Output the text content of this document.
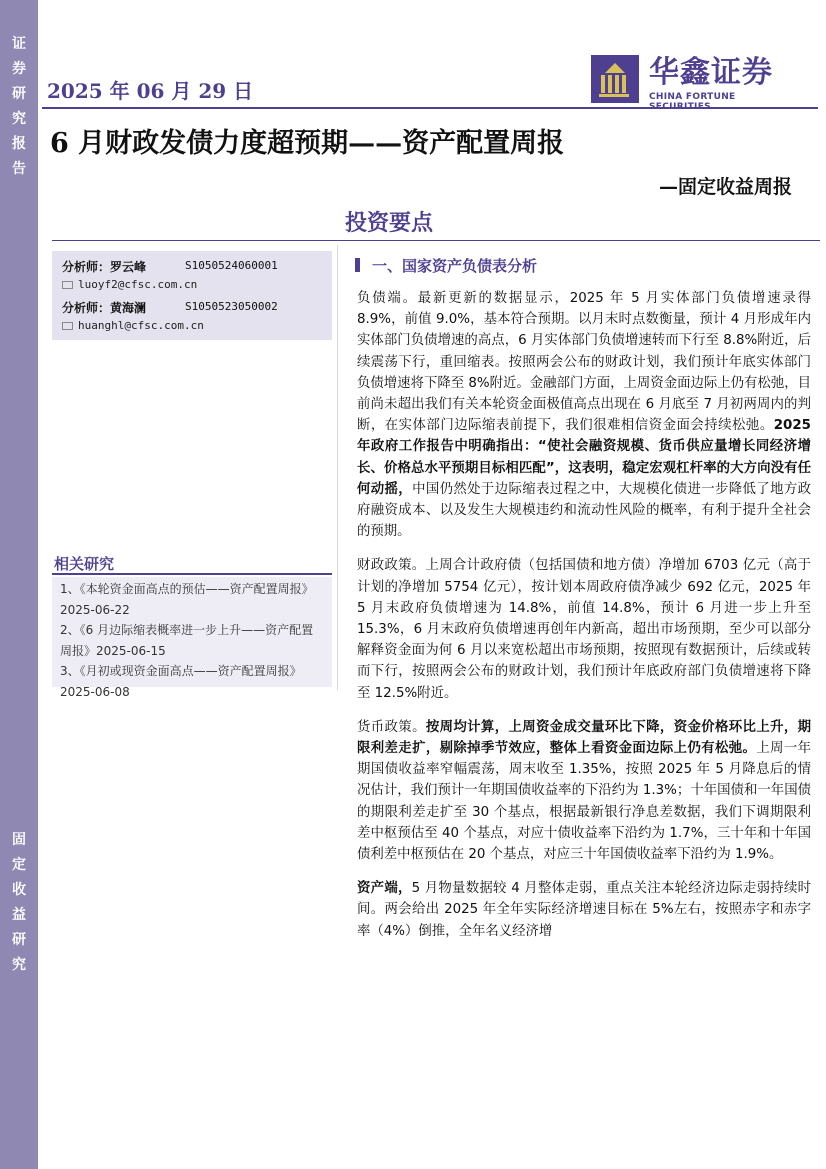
证
券
研
究
报
告
固
定
收
益
研
究
2025 年 06 月 29 日
华鑫证券
CHINA FORTUNE
6 月财政发债力度超预期——资产配置周报
—固定收益周报
投资要点
分析师：罗云峰	S1050524060001
luoyf2@cfsc.com.cn
分析师：黄海澜	S1050523050002
huanghl@cfsc.com.cn
相关研究
1、《本轮资金面高点的预估——资产配置周报》2025-06-22
2、《6 月边际缩表概率进一步上升——资产配置周报》2025-06-15
3、《月初或现资金面高点——资产配置周报》2025-06-08
一、国家资产负债表分析

负债端。最新更新的数据显示，2025 年 5 月实体部门负债增速录得 8.9%，前值 9.0%，基本符合预期。以月末时点数衡量，预计 4 月形成年内实体部门负债增速的高点，6 月实体部门负债增速转而下行至 8.8%附近，后续震荡下行，重回缩表。按照两会公布的财政计划，我们预计年底实体部门负债增速将下降至 8%附近。金融部门方面，上周资金面边际上仍有松弛，目前尚未超出我们有关本轮资金面极值高点出现在 6 月底至 7 月初两周内的判断，在实体部门边际缩表前提下，我们很难相信资金面会持续松弛。2025 年政府工作报告中明确指出：“使社会融资规模、货币供应量增长同经济增长、价格总水平预期目标相匹配”，这表明，稳定宏观杠杆率的大方向没有任何动摇，中国仍然处于边际缩表过程之中，大规模化债进一步降低了地方政府融资成本、以及发生大规模违约和流动性风险的概率，有利于提升全社会的预期。

财政政策。上周合计政府债（包括国债和地方债）净增加 6703 亿元（高于计划的净增加 5754 亿元），按计划本周政府债净减少 692 亿元，2025 年 5 月末政府负债增速为 14.8%，前值 14.8%，预计 6 月进一步上升至 15.3%，6 月末政府负债增速再创年内新高，超出市场预期，至少可以部分解释资金面为何 6 月以来宽松超出市场预期，按照现有数据预计，后续或转而下行，按照两会公布的财政计划，我们预计年底政府部门负债增速将下降至 12.5%附近。

货币政策。按周均计算，上周资金成交量环比下降，资金价格环比上升，期限利差走扩，剔除掉季节效应，整体上看资金面边际上仍有松弛。上周一年期国债收益率窄幅震荡，周末收至 1.35%，按照 2025 年 5 月降息后的情况估计，我们预计一年期国债收益率的下沿约为 1.3%；十年国债和一年国债的期限利差走扩至 30 个基点，根据最新银行净息差数据，我们下调期限利差中枢预估至 40 个基点，对应十债收益率下沿约为 1.7%，三十年和十年国债利差中枢预估在 20 个基点，对应三十年国债收益率下沿约为 1.9%。

资产端，5 月物量数据较 4 月整体走弱，重点关注本轮经济边际走弱持续时间。两会给出 2025 年全年实际经济增速目标在 5%左右，按照赤字和赤字率（4%）倒推，全年名义经济增
